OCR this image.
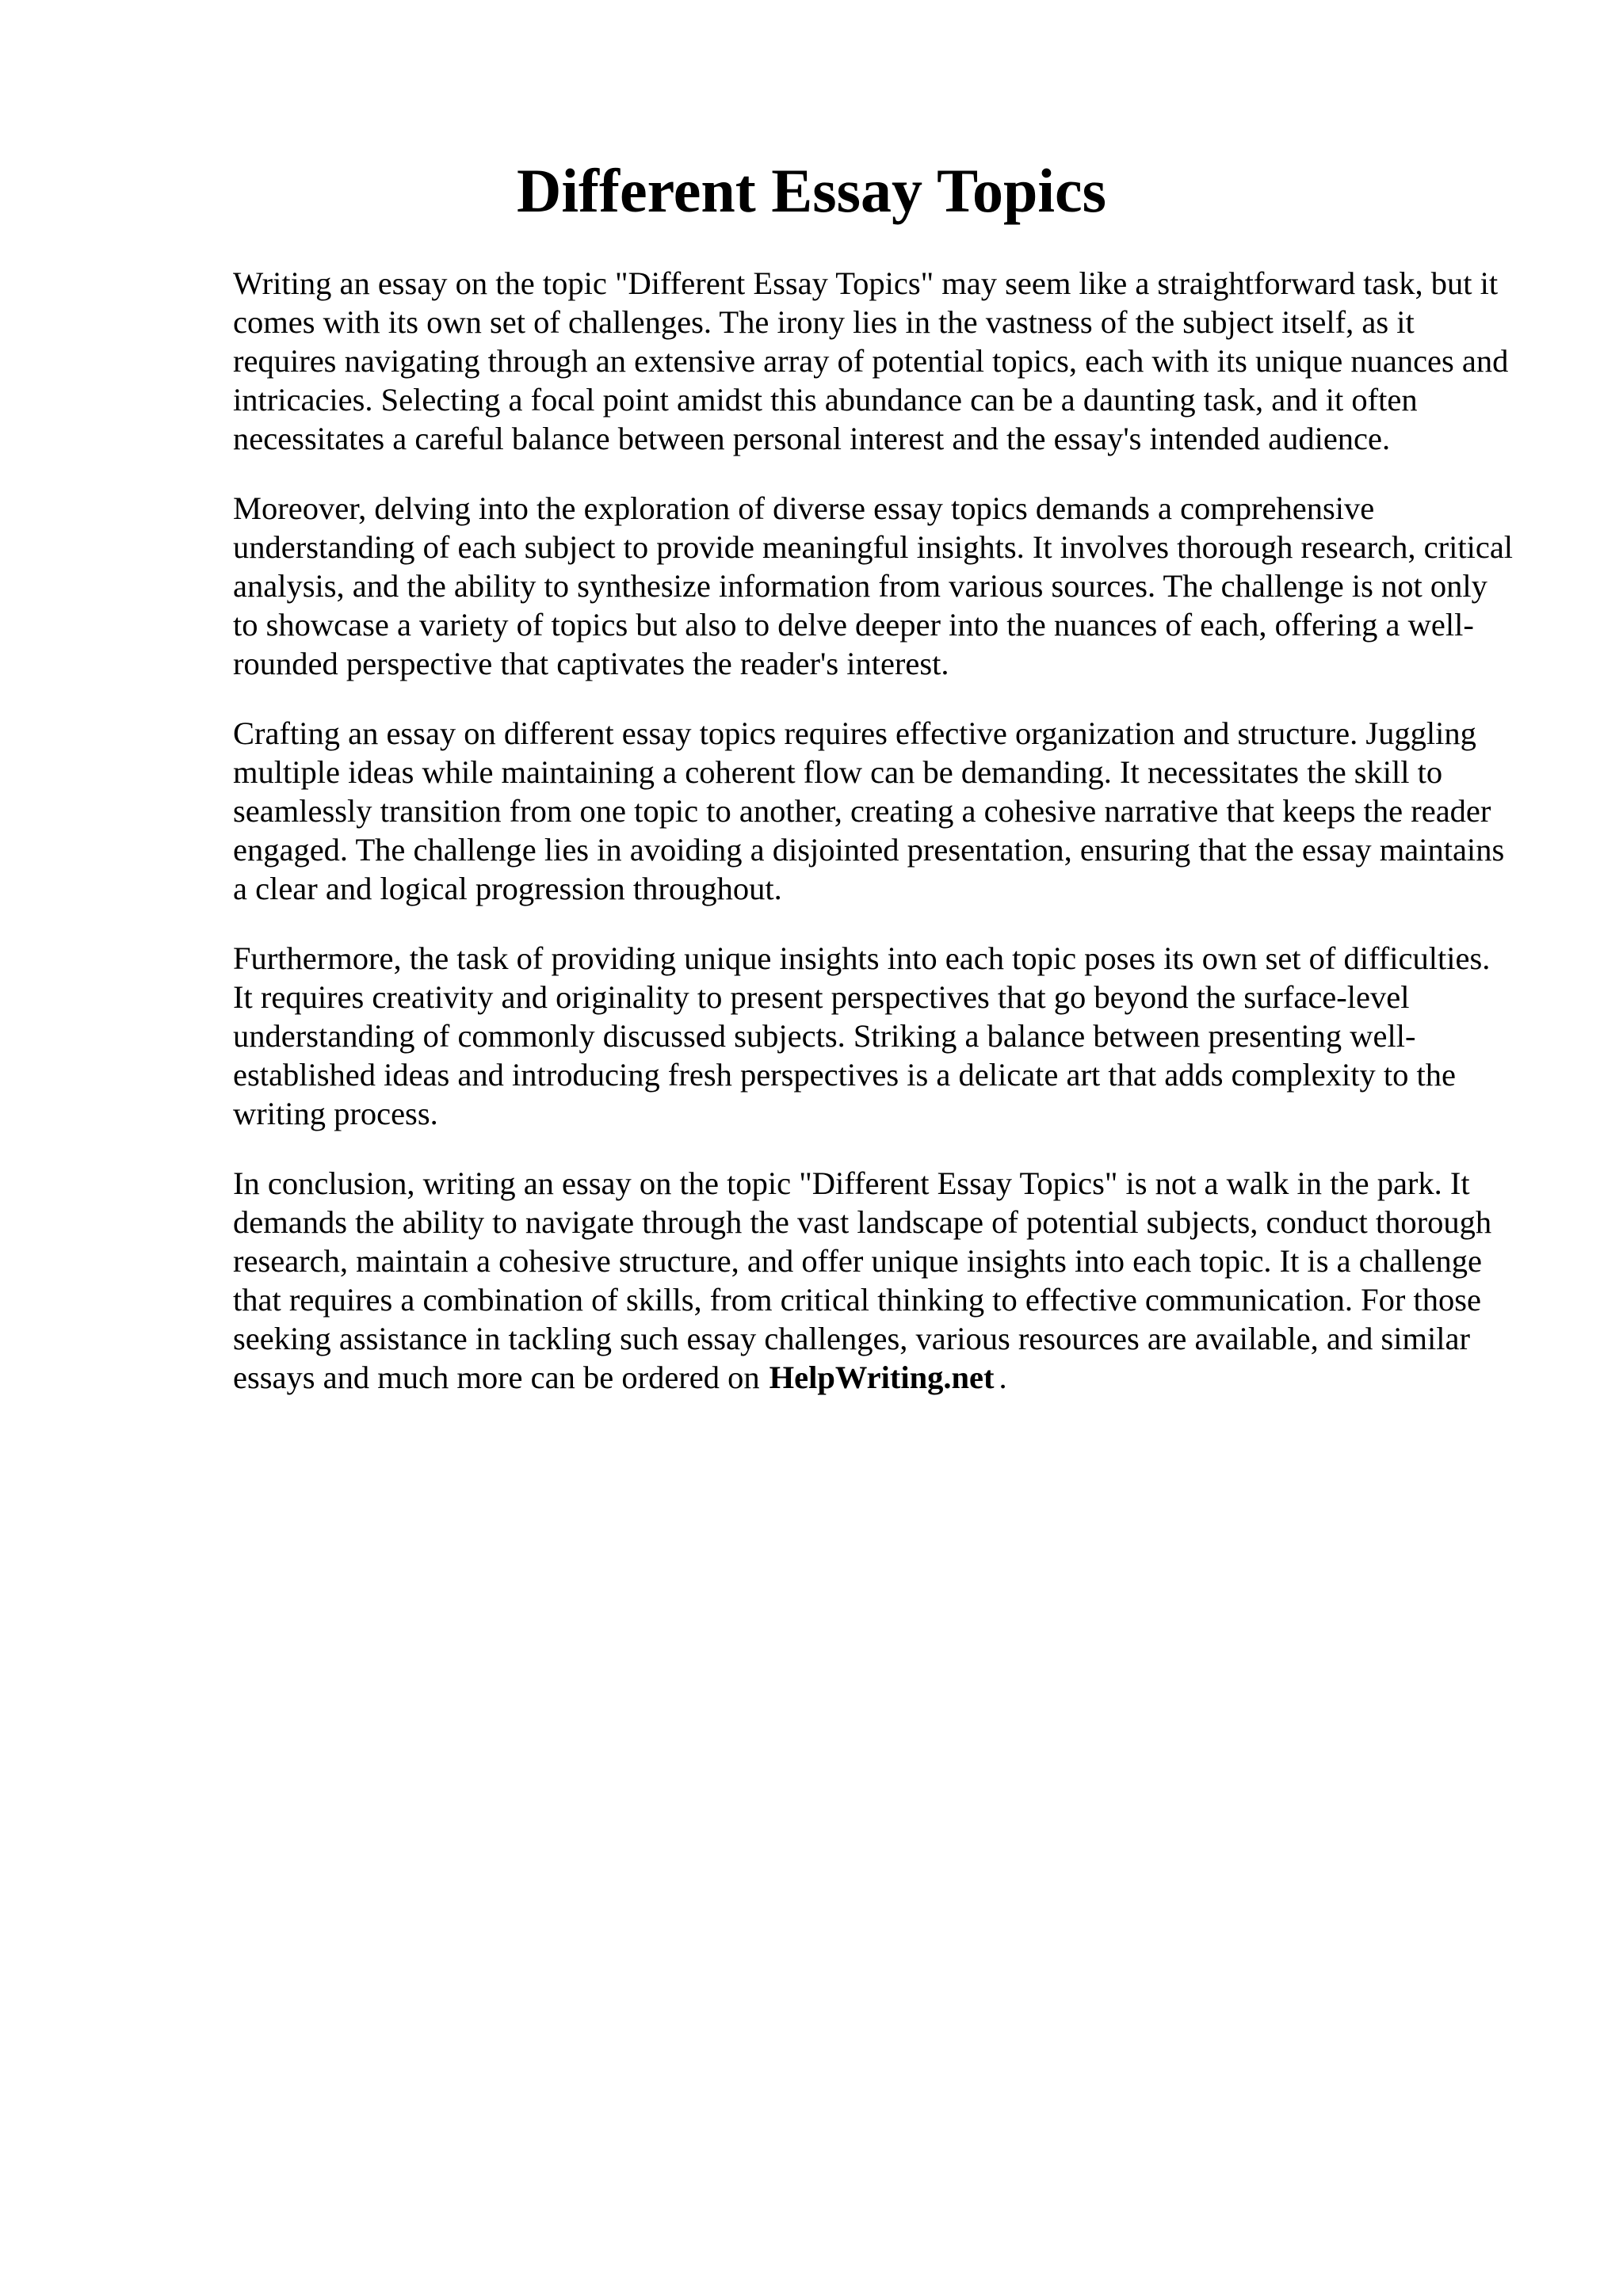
Different Essay Topics

Writing an essay on the topic "Different Essay Topics" may seem like a straightforward task, but it comes with its own set of challenges. The irony lies in the vastness of the subject itself, as it requires navigating through an extensive array of potential topics, each with its unique nuances and intricacies. Selecting a focal point amidst this abundance can be a daunting task, and it often necessitates a careful balance between personal interest and the essay's intended audience.

Moreover, delving into the exploration of diverse essay topics demands a comprehensive understanding of each subject to provide meaningful insights. It involves thorough research, critical analysis, and the ability to synthesize information from various sources. The challenge is not only to showcase a variety of topics but also to delve deeper into the nuances of each, offering a well-rounded perspective that captivates the reader's interest.

Crafting an essay on different essay topics requires effective organization and structure. Juggling multiple ideas while maintaining a coherent flow can be demanding. It necessitates the skill to seamlessly transition from one topic to another, creating a cohesive narrative that keeps the reader engaged. The challenge lies in avoiding a disjointed presentation, ensuring that the essay maintains a clear and logical progression throughout.

Furthermore, the task of providing unique insights into each topic poses its own set of difficulties. It requires creativity and originality to present perspectives that go beyond the surface-level understanding of commonly discussed subjects. Striking a balance between presenting well-established ideas and introducing fresh perspectives is a delicate art that adds complexity to the writing process.

In conclusion, writing an essay on the topic "Different Essay Topics" is not a walk in the park. It demands the ability to navigate through the vast landscape of potential subjects, conduct thorough research, maintain a cohesive structure, and offer unique insights into each topic. It is a challenge that requires a combination of skills, from critical thinking to effective communication. For those seeking assistance in tackling such essay challenges, various resources are available, and similar essays and much more can be ordered on HelpWriting.net .
